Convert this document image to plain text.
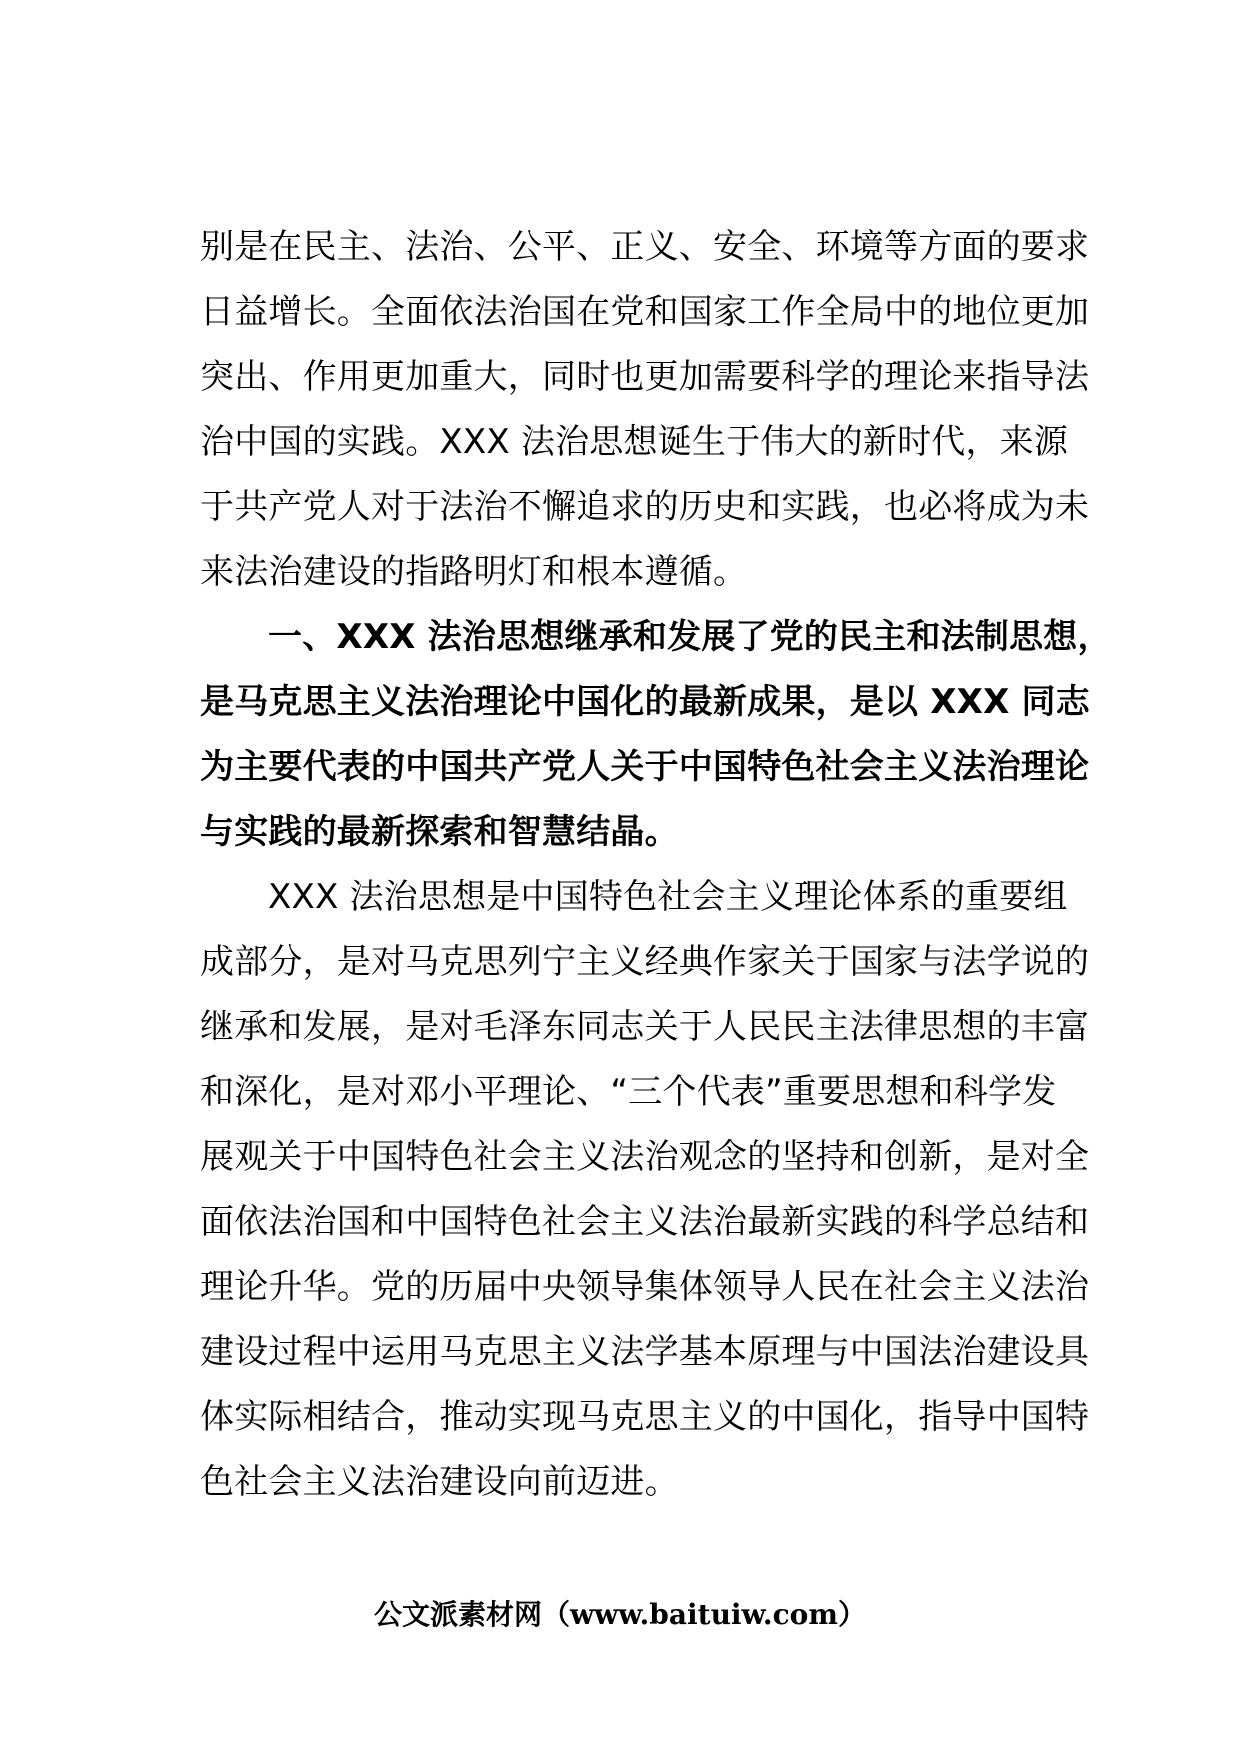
别是在民主、法治、公平、正义、安全、环境等方面的要求
日益增长。全面依法治国在党和国家工作全局中的地位更加
突出、作用更加重大，同时也更加需要科学的理论来指导法
治中国的实践。XXX 法治思想诞生于伟大的新时代，来源
于共产党人对于法治不懈追求的历史和实践，也必将成为未
来法治建设的指路明灯和根本遵循。
一、XXX 法治思想继承和发展了党的民主和法制思想，
是马克思主义法治理论中国化的最新成果，是以 XXX 同志
为主要代表的中国共产党人关于中国特色社会主义法治理论
与实践的最新探索和智慧结晶。
XXX 法治思想是中国特色社会主义理论体系的重要组
成部分，是对马克思列宁主义经典作家关于国家与法学说的
继承和发展，是对毛泽东同志关于人民民主法律思想的丰富
和深化，是对邓小平理论、“三个代表”重要思想和科学发
展观关于中国特色社会主义法治观念的坚持和创新，是对全
面依法治国和中国特色社会主义法治最新实践的科学总结和
理论升华。党的历届中央领导集体领导人民在社会主义法治
建设过程中运用马克思主义法学基本原理与中国法治建设具
体实际相结合，推动实现马克思主义的中国化，指导中国特
色社会主义法治建设向前迈进。
公文派素材网（www.baituiw.com）
